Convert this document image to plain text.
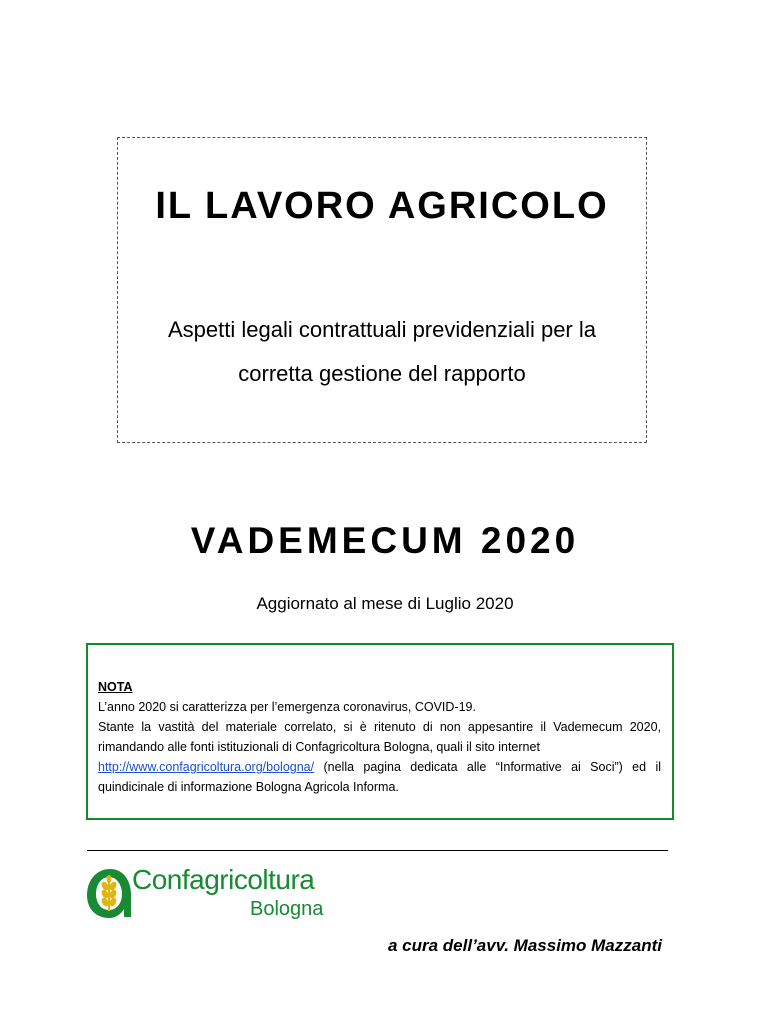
IL LAVORO AGRICOLO

Aspetti legali contrattuali previdenziali per la
corretta gestione del rapporto

VADEMECUM 2020

Aggiornato al mese di Luglio 2020

NOTA
L’anno 2020 si caratterizza per l’emergenza coronavirus, COVID-19.
Stante la vastità del materiale correlato, si è ritenuto di non appesantire il Vademecum 2020,
rimandando alle fonti istituzionali di Confagricoltura Bologna, quali il sito internet
http://www.confagricoltura.org/bologna/ (nella pagina dedicata alle “Informative ai Soci”) ed il
quindicinale di informazione Bologna Agricola Informa.
Confagricoltura
Bologna
a cura dell’avv. Massimo Mazzanti
